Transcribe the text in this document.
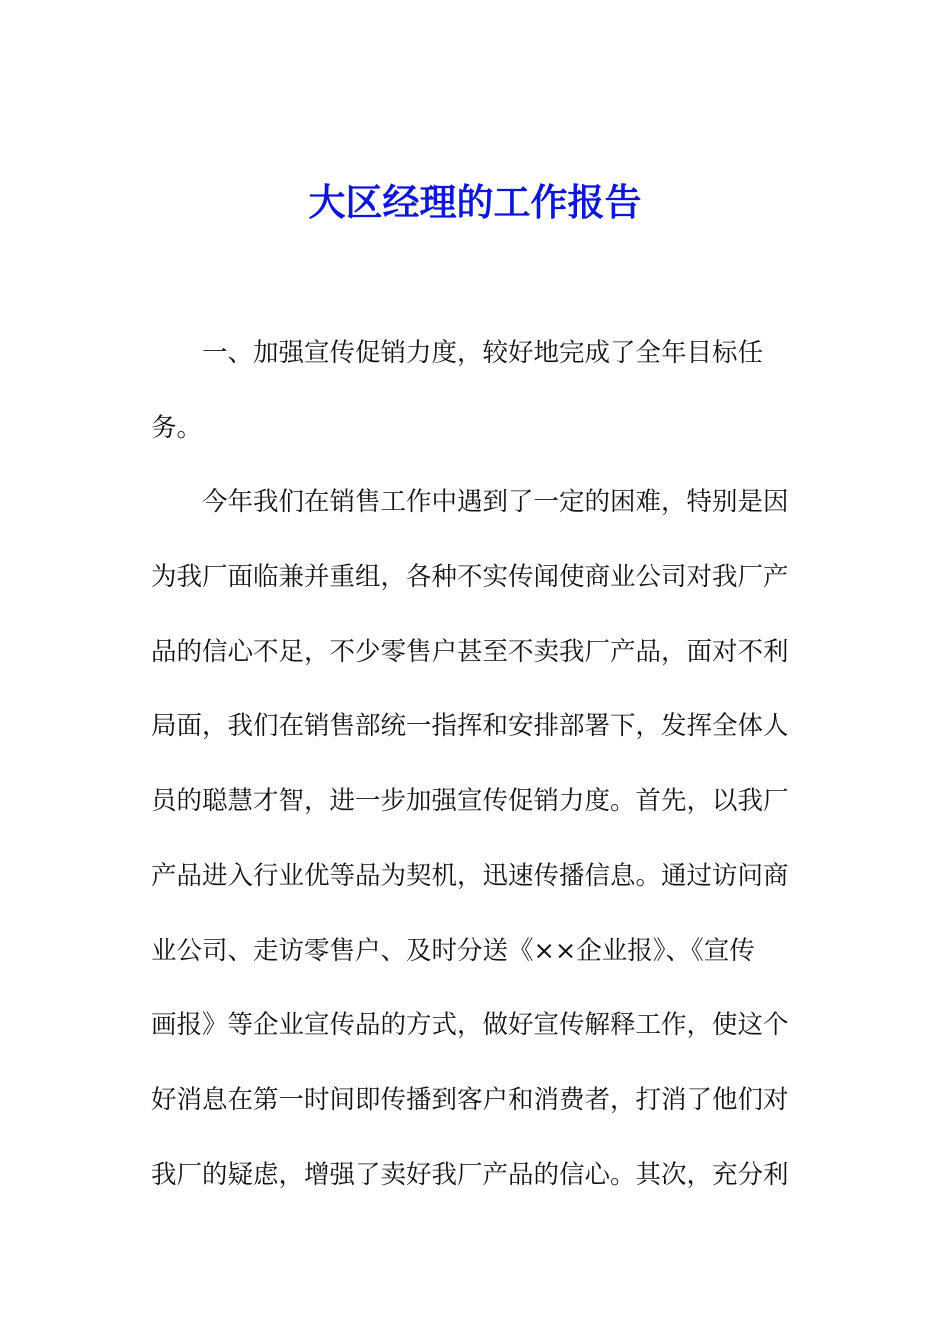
大区经理的工作报告
一、加强宣传促销力度，较好地完成了全年目标任
务。
今年我们在销售工作中遇到了一定的困难，特别是因
为我厂面临兼并重组，各种不实传闻使商业公司对我厂产
品的信心不足，不少零售户甚至不卖我厂产品，面对不利
局面，我们在销售部统一指挥和安排部署下，发挥全体人
员的聪慧才智，进一步加强宣传促销力度。首先，以我厂
产品进入行业优等品为契机，迅速传播信息。通过访问商
业公司、走访零售户、及时分送《××企业报》、《宣传
画报》等企业宣传品的方式，做好宣传解释工作，使这个
好消息在第一时间即传播到客户和消费者，打消了他们对
我厂的疑虑，增强了卖好我厂产品的信心。其次，充分利
